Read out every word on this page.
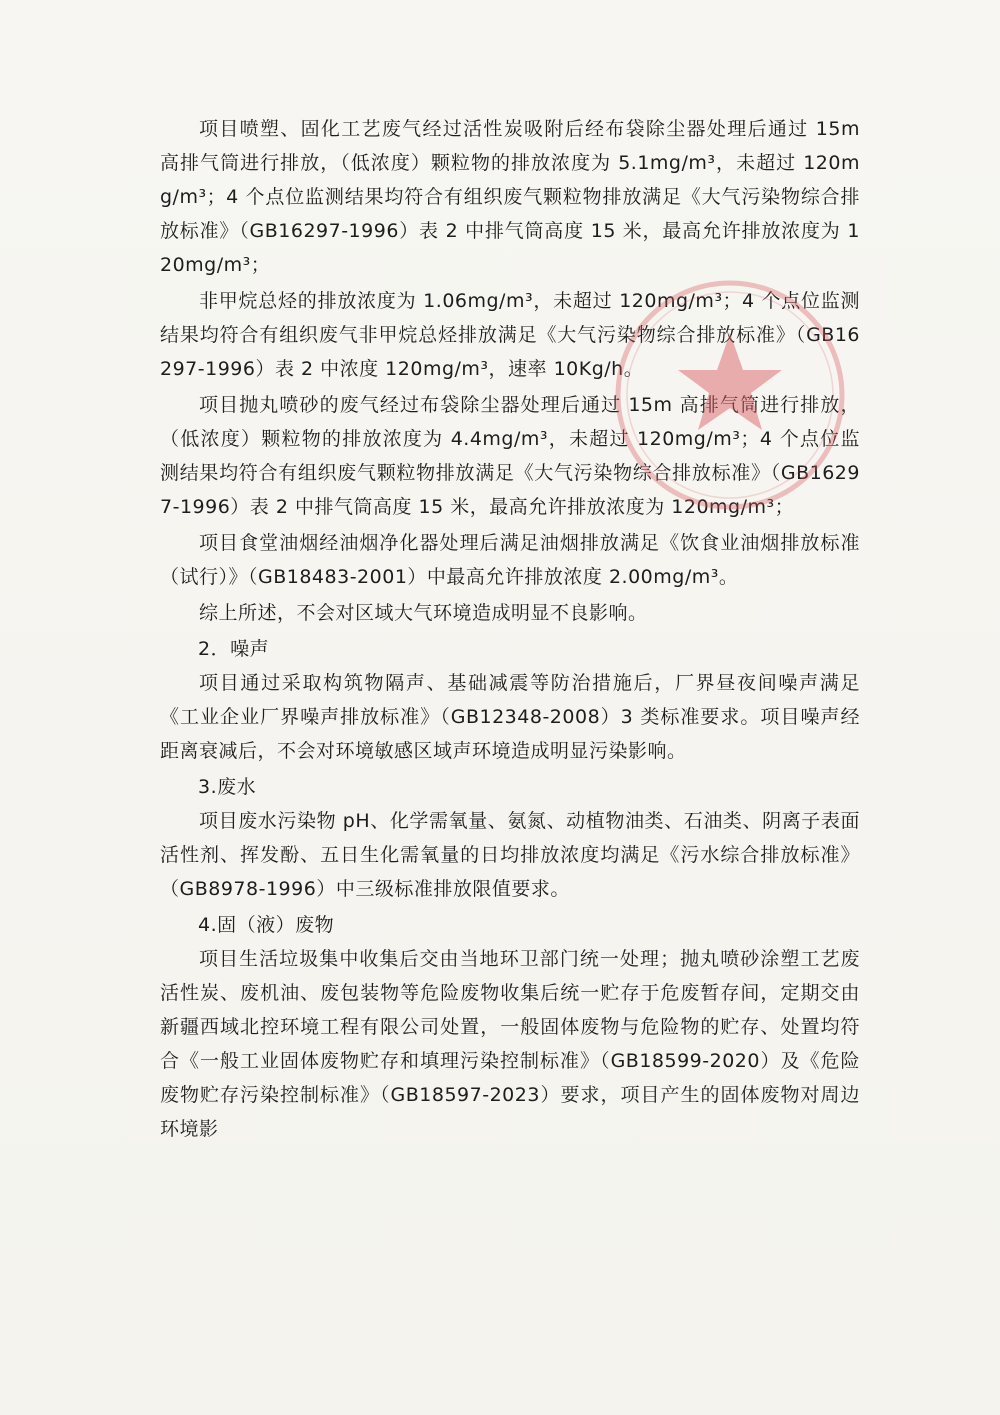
项目喷塑、固化工艺废气经过活性炭吸附后经布袋除尘器处理后通过 15m 高排气筒进行排放，（低浓度）颗粒物的排放浓度为 5.1mg/m³，未超过 120mg/m³；4 个点位监测结果均符合有组织废气颗粒物排放满足《大气污染物综合排放标准》（GB16297-1996）表 2 中排气筒高度 15 米，最高允许排放浓度为 120mg/m³；

非甲烷总烃的排放浓度为 1.06mg/m³，未超过 120mg/m³；4 个点位监测结果均符合有组织废气非甲烷总烃排放满足《大气污染物综合排放标准》（GB16297-1996）表 2 中浓度 120mg/m³，速率 10Kg/h。

项目抛丸喷砂的废气经过布袋除尘器处理后通过 15m 高排气筒进行排放，（低浓度）颗粒物的排放浓度为 4.4mg/m³，未超过 120mg/m³；4 个点位监测结果均符合有组织废气颗粒物排放满足《大气污染物综合排放标准》（GB16297-1996）表 2 中排气筒高度 15 米，最高允许排放浓度为 120mg/m³；

项目食堂油烟经油烟净化器处理后满足油烟排放满足《饮食业油烟排放标准（试行）》（GB18483-2001）中最高允许排放浓度 2.00mg/m³。

综上所述，不会对区域大气环境造成明显不良影响。

2．噪声

项目通过采取构筑物隔声、基础减震等防治措施后，厂界昼夜间噪声满足《工业企业厂界噪声排放标准》（GB12348-2008）3 类标准要求。项目噪声经距离衰减后，不会对环境敏感区域声环境造成明显污染影响。

3.废水

项目废水污染物 pH、化学需氧量、氨氮、动植物油类、石油类、阴离子表面活性剂、挥发酚、五日生化需氧量的日均排放浓度均满足《污水综合排放标准》（GB8978-1996）中三级标准排放限值要求。

4.固（液）废物

项目生活垃圾集中收集后交由当地环卫部门统一处理；抛丸喷砂涂塑工艺废活性炭、废机油、废包装物等危险废物收集后统一贮存于危废暂存间，定期交由新疆西域北控环境工程有限公司处置，一般固体废物与危险物的贮存、处置均符合《一般工业固体废物贮存和填理污染控制标准》（GB18599-2020）及《危险废物贮存污染控制标准》（GB18597-2023）要求，项目产生的固体废物对周边环境影
